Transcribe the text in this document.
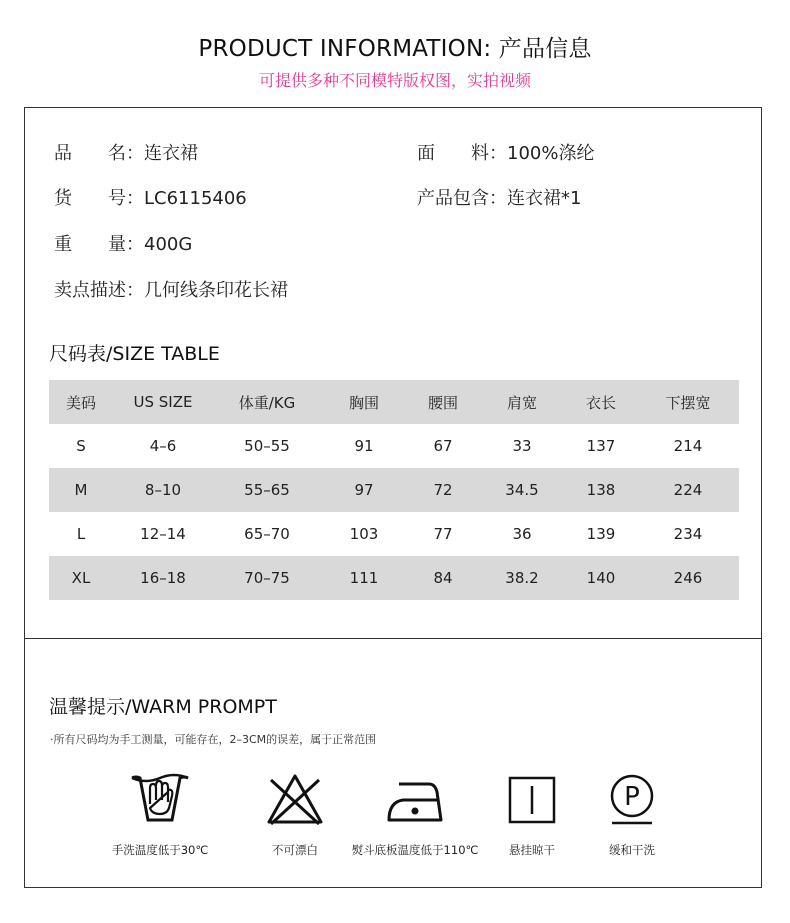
PRODUCT INFORMATION: 产品信息
可提供多种不同模特版权图，实拍视频
品　　名：连衣裙	面　　料：100%涤纶
货　　号：LC6115406	产品包含：连衣裙*1
重　　量：400G
卖点描述：几何线条印花长裙
尺码表/SIZE TABLE
美码	US SIZE	体重/KG	胸围	腰围	肩宽	衣长	下摆宽
S	4–6	50–55	91	67	33	137	214
M	8–10	55–65	97	72	34.5	138	224
L	12–14	65–70	103	77	36	139	234
XL	16–18	70–75	111	84	38.2	140	246
温馨提示/WARM PROMPT
·所有尺码均为手工测量，可能存在，2–3CM的误差，属于正常范围
手洗温度低于30℃	不可漂白	熨斗底板温度低于110℃	悬挂晾干
P
缓和干洗
